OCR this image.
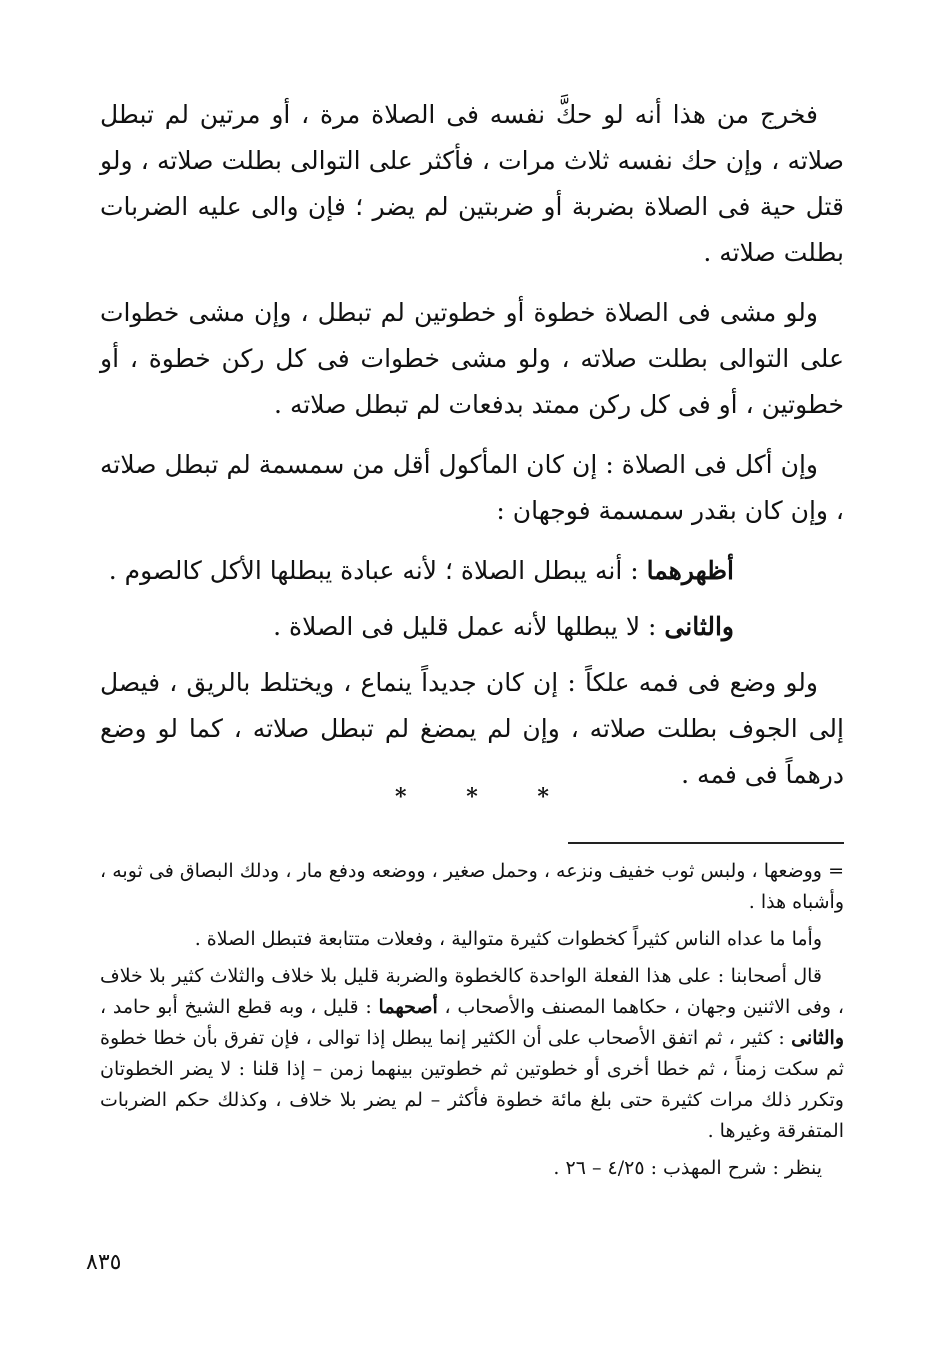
فخرج من هذا أنه لو حكَّ نفسه فى الصلاة مرة ، أو مرتين لم تبطل صلاته ، وإن حك نفسه ثلاث مرات ، فأكثر على التوالى بطلت صلاته ، ولو قتل حية فى الصلاة بضربة أو ضربتين لم يضر ؛ فإن والى عليه الضربات بطلت صلاته .

ولو مشى فى الصلاة خطوة أو خطوتين لم تبطل ، وإن مشى خطوات على التوالى بطلت صلاته ، ولو مشى خطوات فى كل ركن خطوة ، أو خطوتين ، أو فى كل ركن ممتد بدفعات لم تبطل صلاته .

وإن أكل فى الصلاة : إن كان المأكول أقل من سمسمة لم تبطل صلاته ، وإن كان بقدر سمسمة فوجهان :

أظهرهما : أنه يبطل الصلاة ؛ لأنه عبادة يبطلها الأكل كالصوم .

والثانى : لا يبطلها لأنه عمل قليل فى الصلاة .

ولو وضع فى فمه علكاً : إن كان جديداً ينماع ، ويختلط بالريق ، فيصل إلى الجوف بطلت صلاته ، وإن لم يمضغ لم تبطل صلاته ، كما لو وضع درهماً فى فمه .

*	*	*

= ووضعها ، ولبس ثوب خفيف ونزعه ، وحمل صغير ، ووضعه ودفع مار ، ودلك البصاق فى ثوبه ، وأشباه هذا .

وأما ما عداه الناس كثيراً كخطوات كثيرة متوالية ، وفعلات متتابعة فتبطل الصلاة .

قال أصحابنا : على هذا الفعلة الواحدة كالخطوة والضربة قليل بلا خلاف والثلاث كثير بلا خلاف ، وفى الاثنين وجهان ، حكاهما المصنف والأصحاب ، أصحهما : قليل ، وبه قطع الشيخ أبو حامد ، والثانى : كثير ، ثم اتفق الأصحاب على أن الكثير إنما يبطل إذا توالى ، فإن تفرق بأن خطا خطوة ثم سكت زمناً ، ثم خطا أخرى أو خطوتين ثم خطوتين بينهما زمن – إذا قلنا : لا يضر الخطوتان وتكرر ذلك مرات كثيرة حتى بلغ مائة خطوة فأكثر – لم يضر بلا خلاف ، وكذلك حكم الضربات المتفرقة وغيرها .

ينظر : شرح المهذب : ٤/٢٥ – ٢٦ .

٨٣٥
